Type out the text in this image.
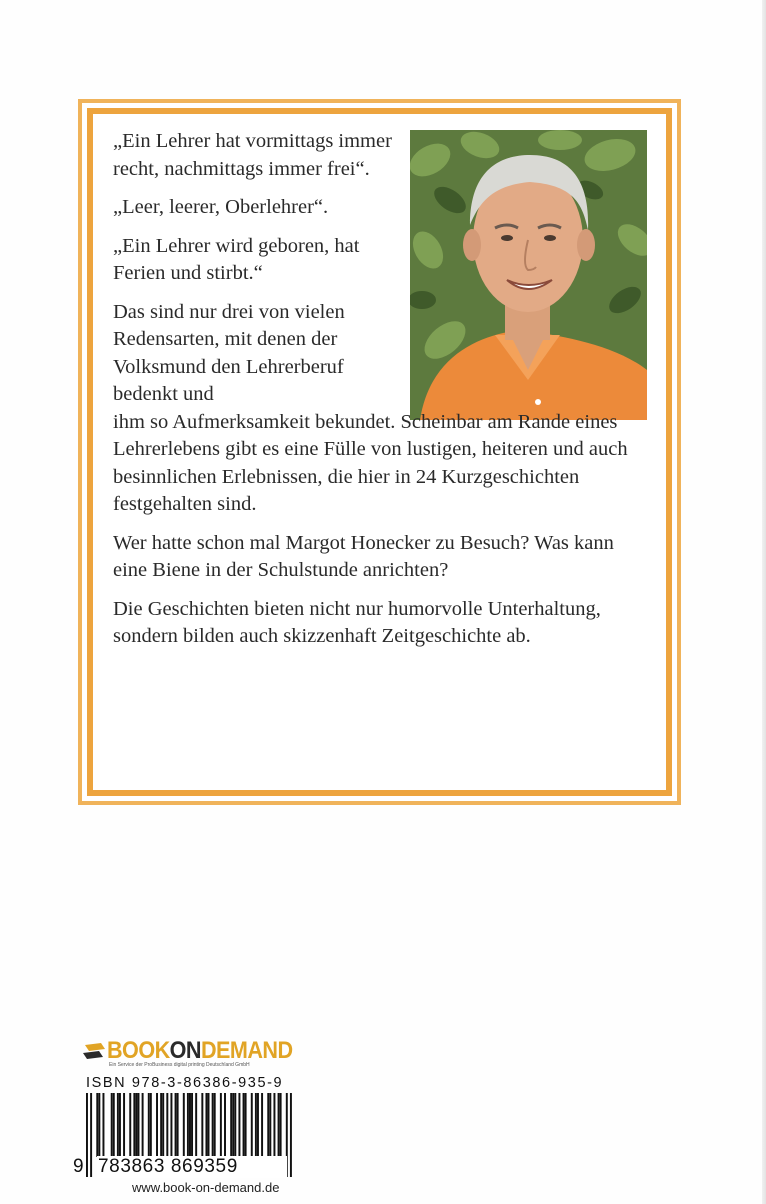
„Ein Lehrer hat vormittags immer recht, nachmittags immer frei“.

„Leer, leerer, Oberlehrer“.

„Ein Lehrer wird geboren, hat Ferien und stirbt.“

Das sind nur drei von vielen Redensarten, mit denen der Volksmund den Lehrerberuf bedenkt und
ihm so Aufmerksamkeit bekundet. Scheinbar am Rande eines Lehrerlebens gibt es eine Fülle von lustigen, heiteren und auch besinnlichen Erlebnissen, die hier in 24 Kurzgeschichten festgehalten sind.

Wer hatte schon mal Margot Honecker zu Besuch? Was kann eine Biene in der Schulstunde anrichten?

Die Geschichten bieten nicht nur humorvolle Unterhaltung, sondern bilden auch skizzenhaft Zeitgeschichte ab.

BOOKONDEMAND
Ein Service der ProBusiness digital printing Deutschland GmbH
ISBN 978-3-86386-935-9
9 783863 869359
www.book-on-demand.de
